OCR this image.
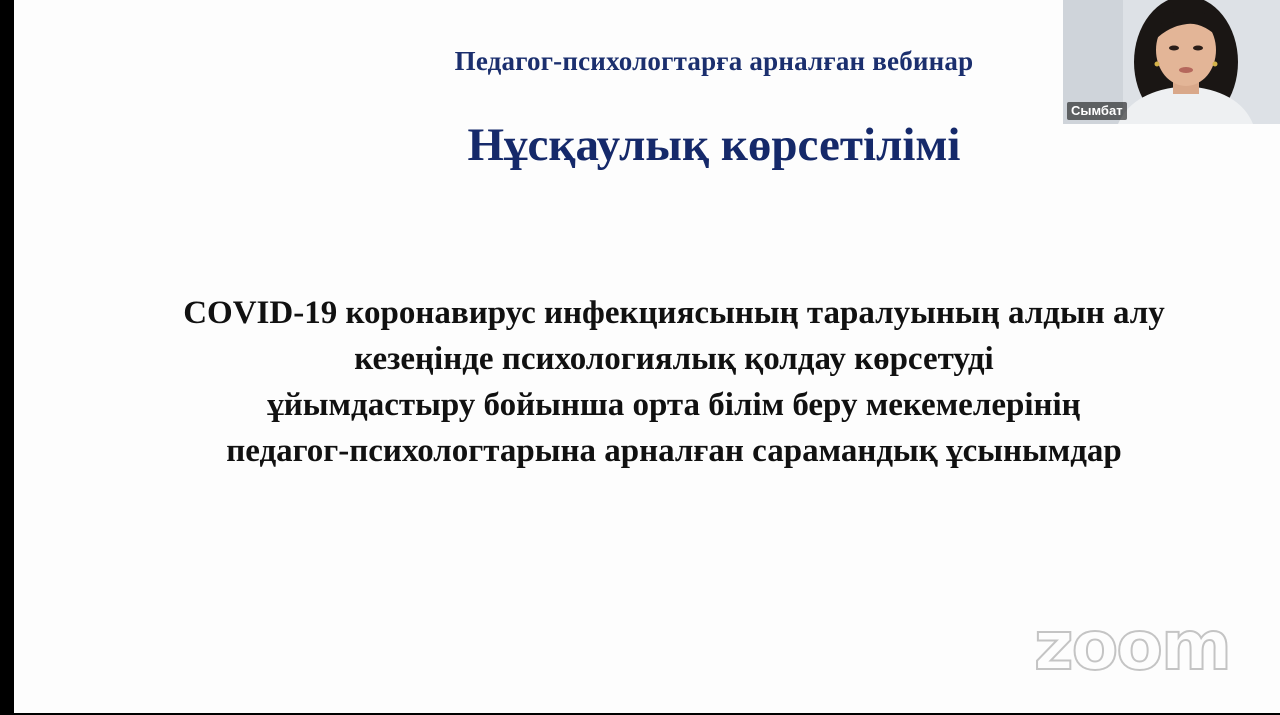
Педагог-психологтарға арналған вебинар
Нұсқаулық көрсетілімі
COVID-19 коронавирус инфекциясының таралуының алдын алу
кезеңінде психологиялық қолдау көрсетуді
ұйымдастыру бойынша орта білім беру мекемелерінің
педагог-психологтарына арналған сарамандық ұсынымдар
Сымбат
zoom
